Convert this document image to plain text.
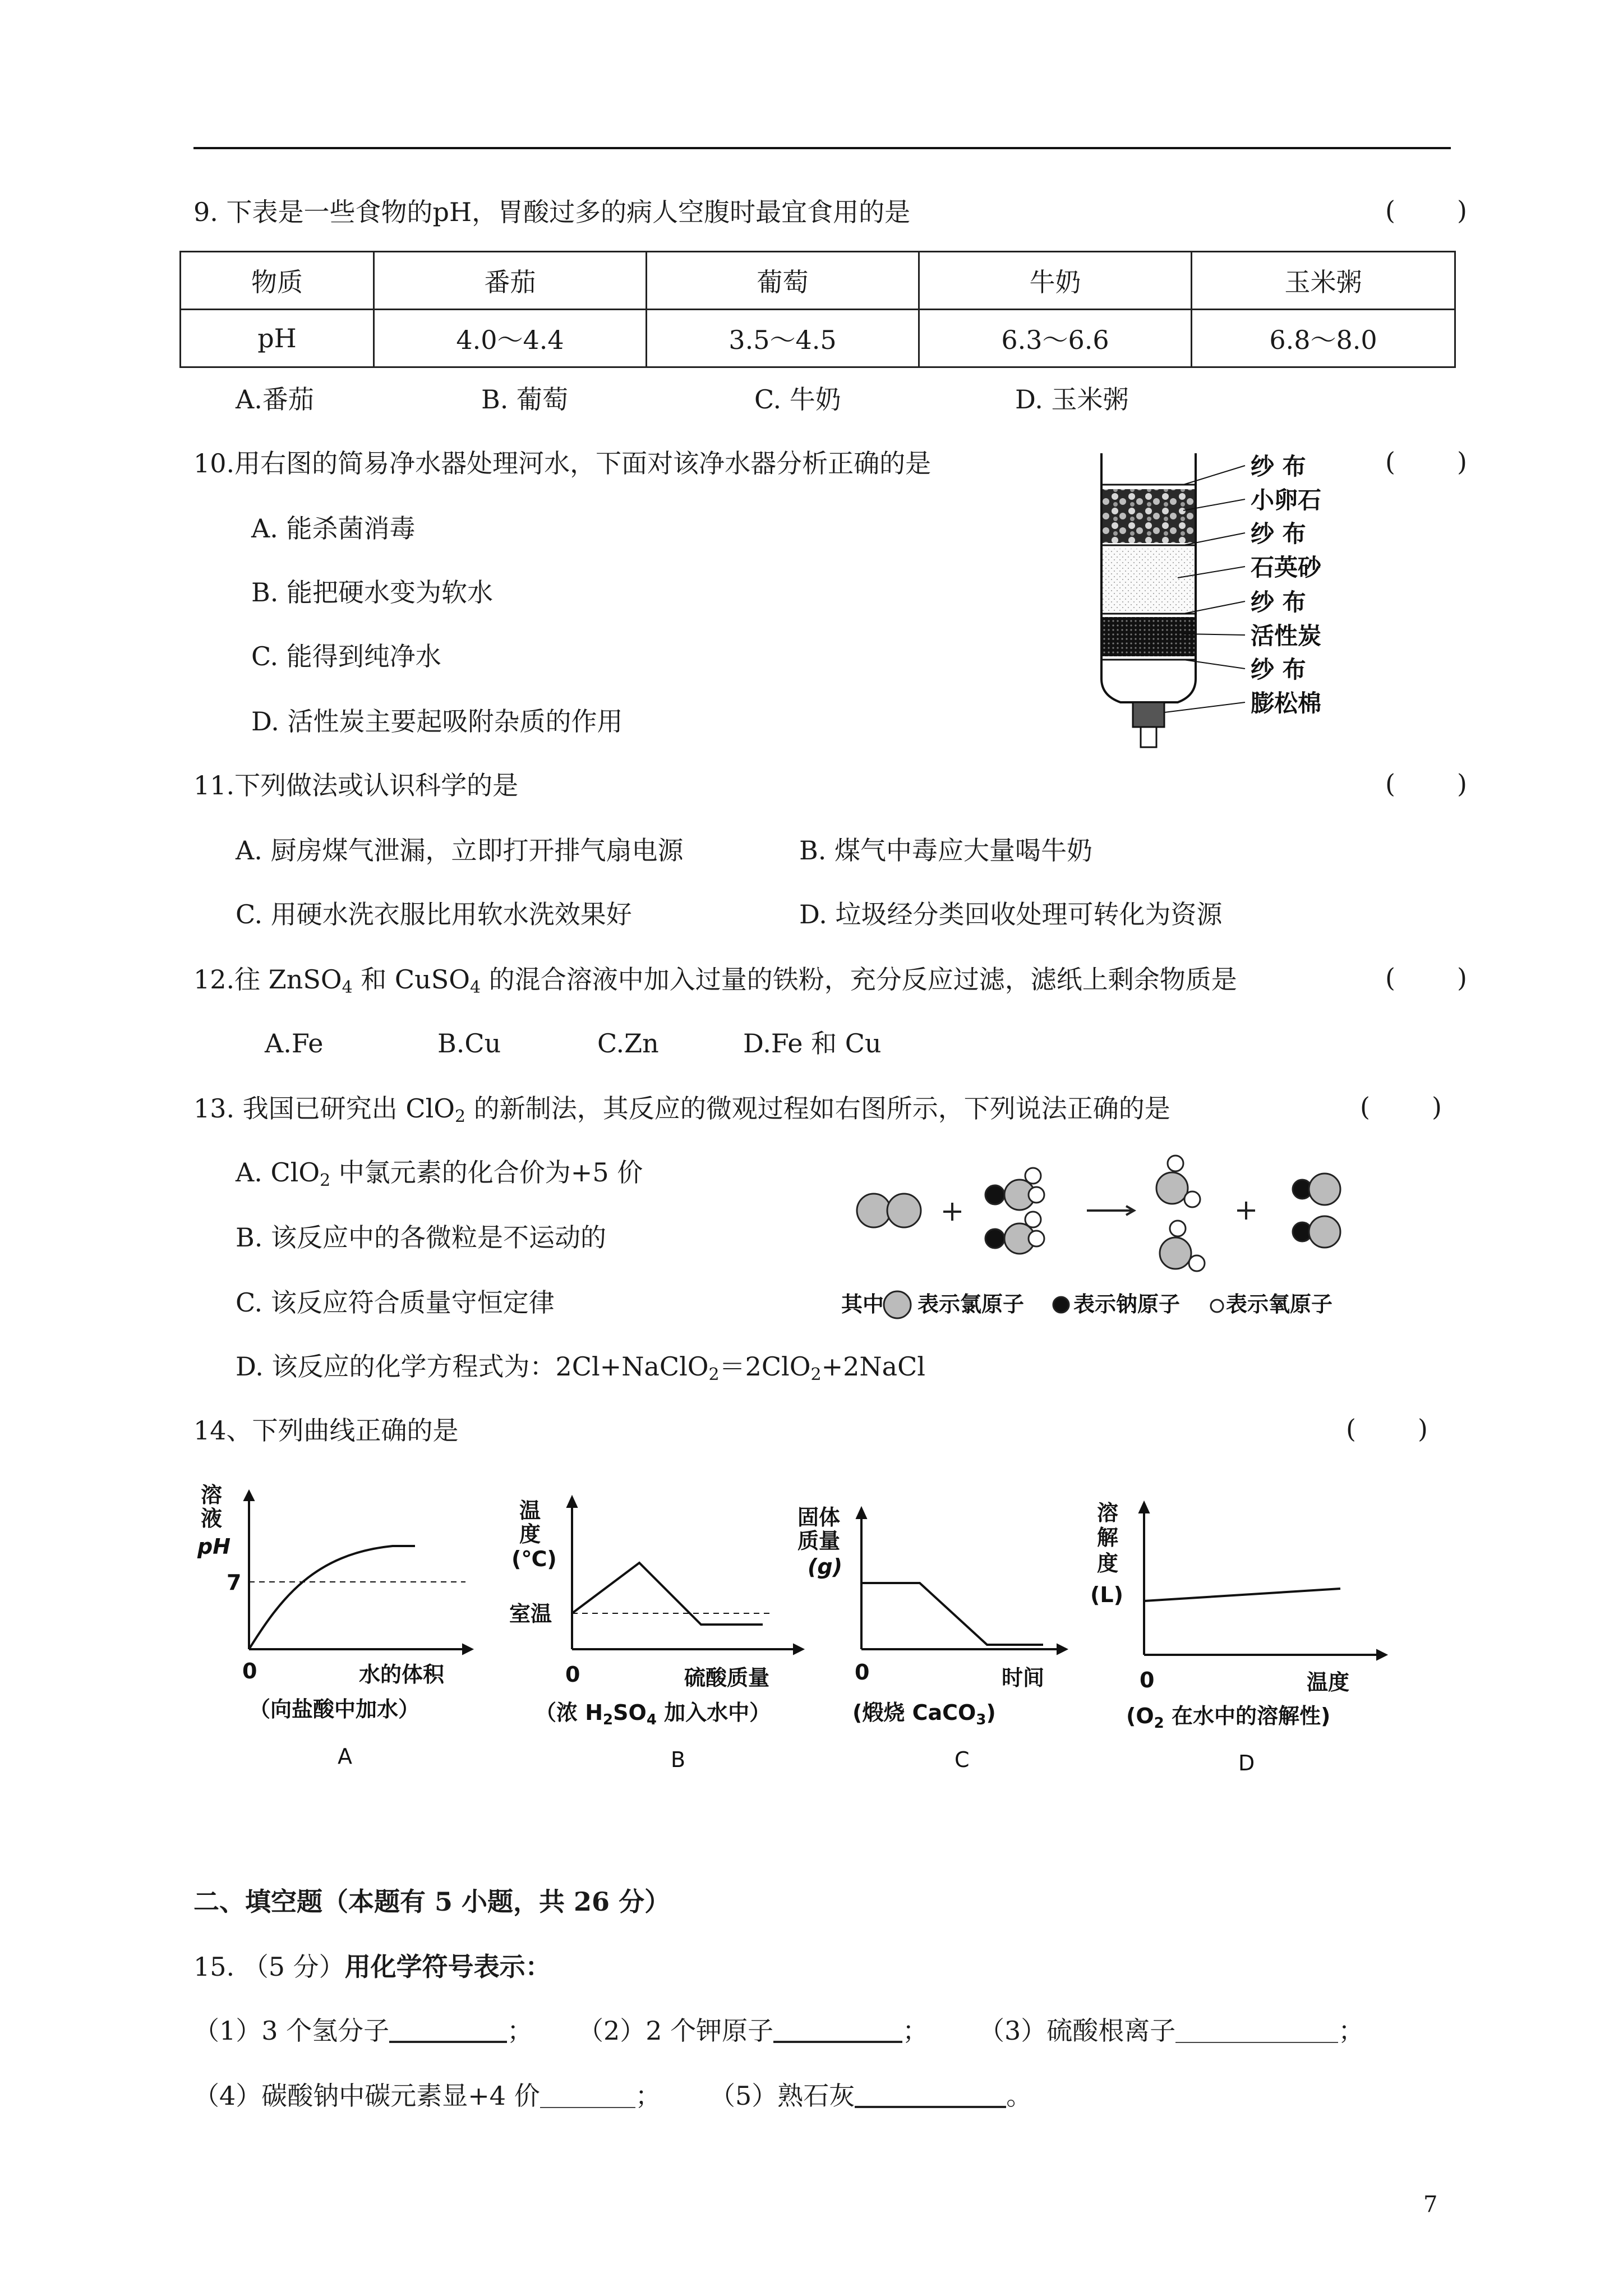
9. 下表是一些食物的pH，胃酸过多的病人空腹时最宜食用的是	( )
物质	番茄	葡萄	牛奶	玉米粥
pH	4.0～4.4	3.5～4.5	6.3～6.6	6.8～8.0
A.番茄	B. 葡萄	C. 牛奶	D. 玉米粥
10.用右图的简易净水器处理河水，下面对该净水器分析正确的是	( )
A. 能杀菌消毒
B. 能把硬水变为软水
C. 能得到纯净水
D. 活性炭主要起吸附杂质的作用
纱 布
小卵石
纱 布
石英砂
纱 布
活性炭
纱 布
膨松棉
11.下列做法或认识科学的是	( )
A. 厨房煤气泄漏，立即打开排气扇电源	B. 煤气中毒应大量喝牛奶
C. 用硬水洗衣服比用软水洗效果好	D. 垃圾经分类回收处理可转化为资源
12.往 ZnSO$_4$ 和 CuSO$_4$ 的混合溶液中加入过量的铁粉，充分反应过滤，滤纸上剩余物质是	( )
A.Fe	B.Cu	C.Zn	D.Fe 和 Cu
13. 我国已研究出 ClO$_2$ 的新制法，其反应的微观过程如右图所示，下列说法正确的是	( )
A. ClO$_2$ 中氯元素的化合价为+5 价
B. 该反应中的各微粒是不运动的
C. 该反应符合质量守恒定律
D. 该反应的化学方程式为：2Cl+NaClO$_2$＝2ClO$_2$+2NaCl
其中 表示氯原子 表示钠原子 表示氧原子
14、下列曲线正确的是	( )
溶
液
pH
7
0	水的体积
（向盐酸中加水）
A
温
度
(℃)
室温
0	硫酸质量
（浓 $H_2SO_4$ 加入水中）
B
固体
质量
(g)
0	时间
(煅烧 CaCO$_3$)
C
溶
解
度
(L)
0	温度
($O_2$ 在水中的溶解性)
D
二、填空题（本题有 5 小题，共 26 分）
15. （5 分）用化学符号表示：
（1）3 个氢分子	； （2）2 个钾原子	； （3）硫酸根离子	；
（4）碳酸钠中碳元素显+4 价	； （5）熟石灰	。
7
